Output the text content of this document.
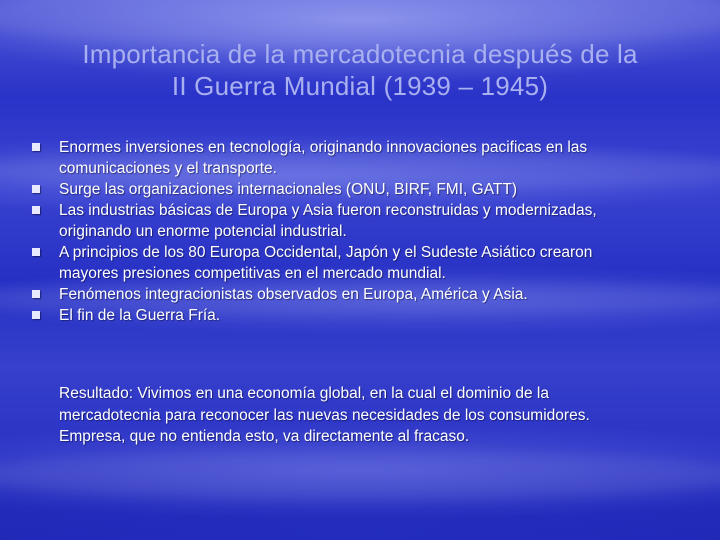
Importancia de la mercadotecnia después de la
II Guerra Mundial (1939 – 1945)
Enormes inversiones en tecnología, originando innovaciones pacificas en las
comunicaciones y el transporte.
Surge las organizaciones internacionales (ONU, BIRF, FMI, GATT)
Las industrias básicas de Europa y Asia fueron reconstruidas y modernizadas,
originando un enorme potencial industrial.
A principios de los 80 Europa Occidental, Japón y el Sudeste Asiático crearon
mayores presiones competitivas en el mercado mundial.
Fenómenos integracionistas observados en Europa, América y Asia.
El fin de la Guerra Fría.
Resultado: Vivimos en una economía global, en la cual el dominio de la
mercadotecnia para reconocer las nuevas necesidades de los consumidores.
Empresa, que no entienda esto, va directamente al fracaso.
